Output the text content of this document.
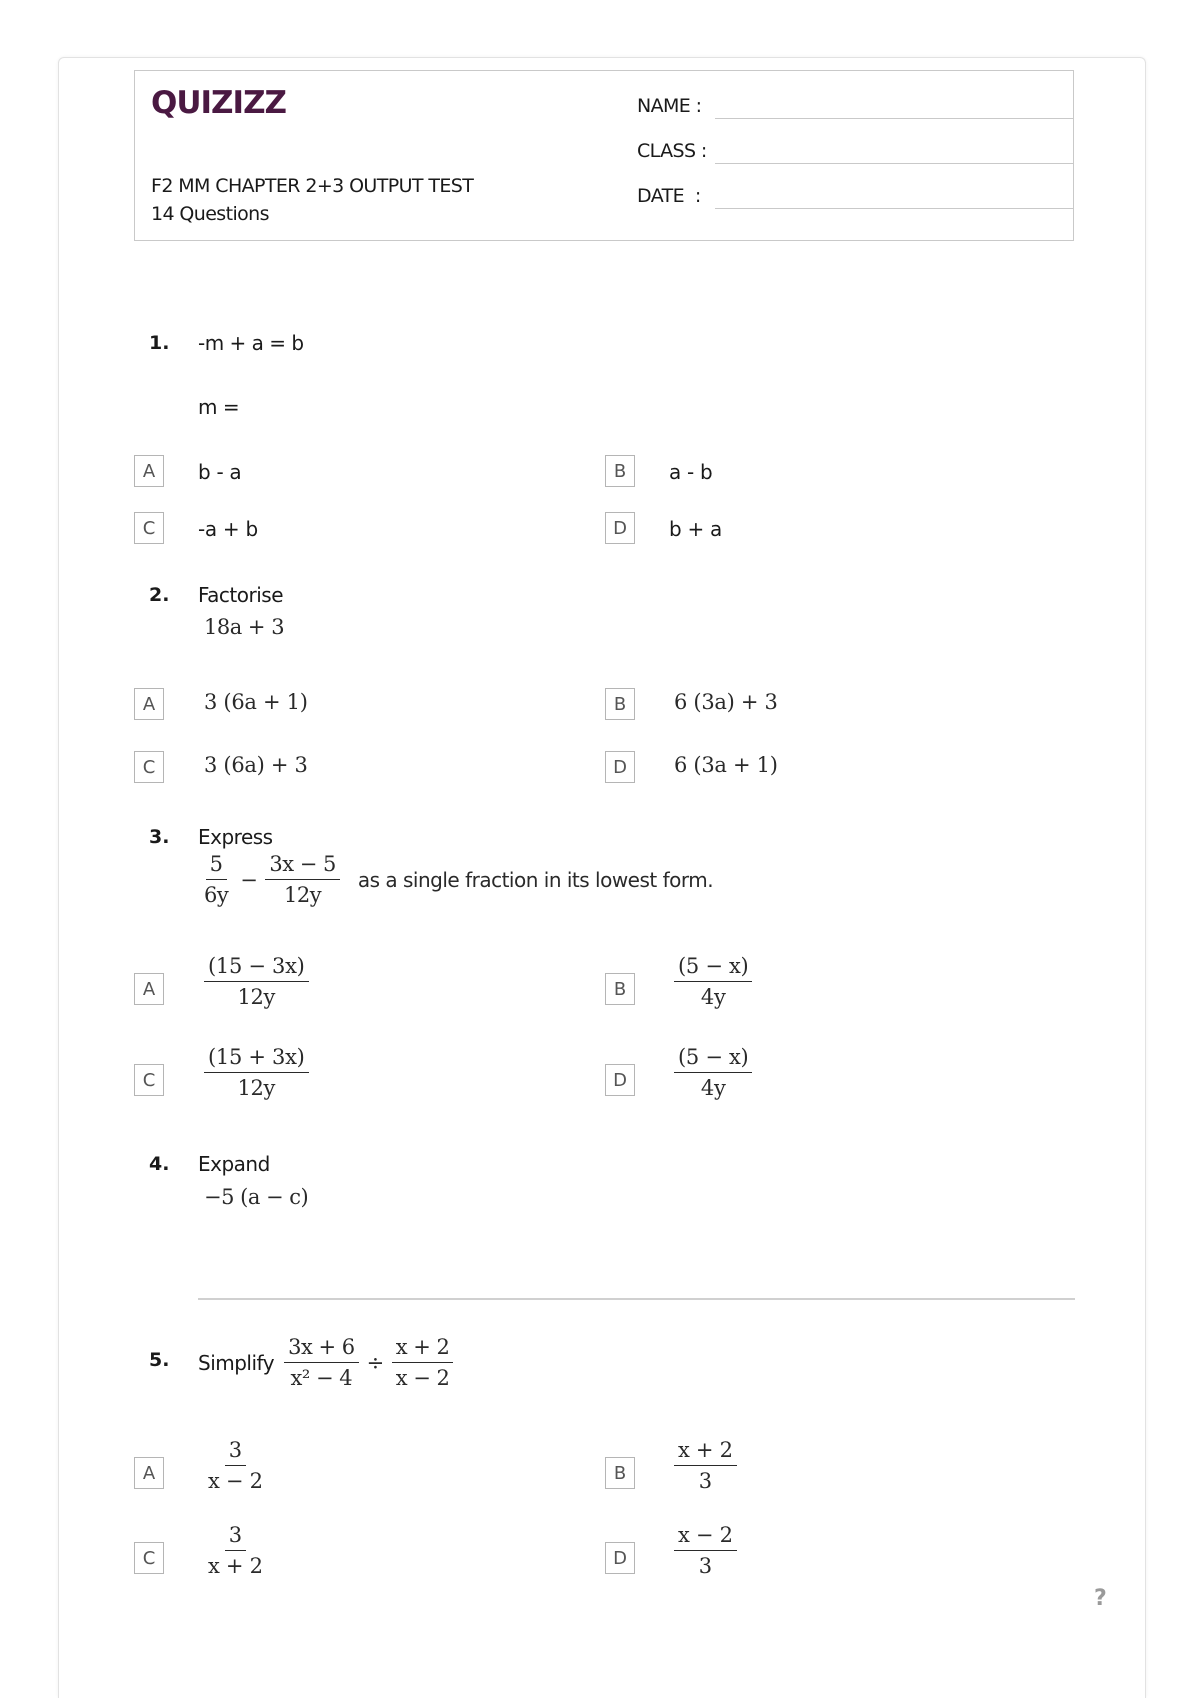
QUIZIZZ
F2 MM CHAPTER 2+3 OUTPUT TEST
14 Questions
NAME :
CLASS :
DATE  :
1. -m + a = b
m =
A	b - a	B	a - b
C	-a + b	D	b + a
2. Factorise
18a + 3
A	3 (6a + 1)	B	6 (3a) + 3
C	3 (6a) + 3	D	6 (3a + 1)
3. Express
$\frac{5}{6y} - \frac{3x - 5}{12y}$ as a single fraction in its lowest form.
A	$\frac{(15 - 3x)}{12y}$	B	$\frac{(5 - x)}{4y}$
C	$\frac{(15 + 3x)}{12y}$	D	$\frac{(5 - x)}{4y}$
4. Expand
−5 (a − c)
5. Simplify $\frac{3x + 6}{\text{x² − 4}} \div \frac{x + 2}{x - 2}$
A	$\frac{3}{x - 2}$	B	$\frac{x + 2}{3}$
C	$\frac{3}{x + 2}$	D	$\frac{x - 2}{3}$
?
